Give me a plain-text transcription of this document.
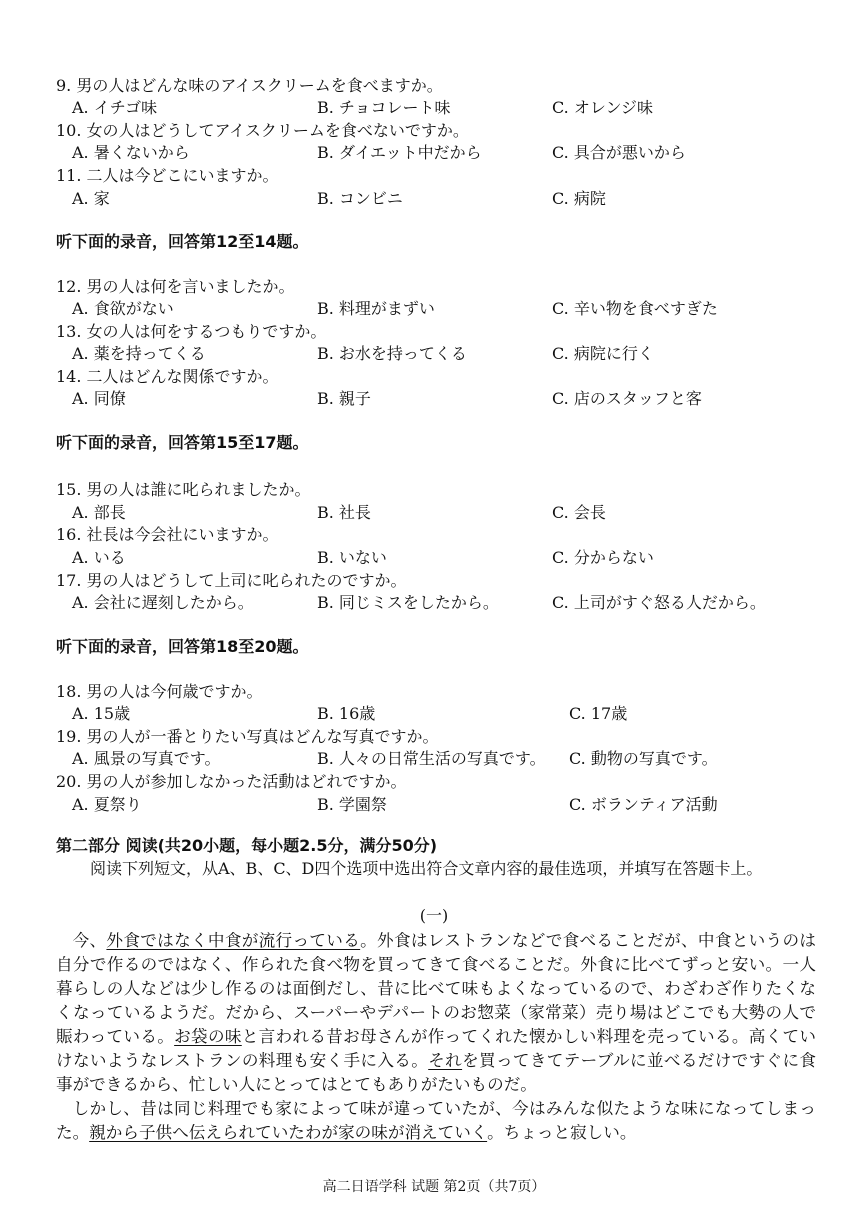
9. 男の人はどんな味のアイスクリームを食べますか。
A. イチゴ味	B. チョコレート味	C. オレンジ味
10. 女の人はどうしてアイスクリームを食べないですか。
A. 暑くないから	B. ダイエット中だから	C. 具合が悪いから
11. 二人は今どこにいますか。
A. 家	B. コンビニ	C. 病院
听下面的录音，回答第12至14题。
12. 男の人は何を言いましたか。
A. 食欲がない	B. 料理がまずい	C. 辛い物を食べすぎた
13. 女の人は何をするつもりですか。
A. 薬を持ってくる	B. お水を持ってくる	C. 病院に行く
14. 二人はどんな関係ですか。
A. 同僚	B. 親子	C. 店のスタッフと客
听下面的录音，回答第15至17题。
15. 男の人は誰に叱られましたか。
A. 部長	B. 社長	C. 会長
16. 社長は今会社にいますか。
A. いる	B. いない	C. 分からない
17. 男の人はどうして上司に叱られたのですか。
A. 会社に遅刻したから。	B. 同じミスをしたから。	C. 上司がすぐ怒る人だから。
听下面的录音，回答第18至20题。
18. 男の人は今何歳ですか。
A. 15歳	B. 16歳	C. 17歳
19. 男の人が一番とりたい写真はどんな写真ですか。
A. 風景の写真です。	B. 人々の日常生活の写真です。 C. 動物の写真です。
20. 男の人が参加しなかった活動はどれですか。
A. 夏祭り	B. 学園祭	C. ボランティア活動
第二部分 阅读(共20小题，每小题2.5分，满分50分)
阅读下列短文，从A、B、C、D四个选项中选出符合文章内容的最佳选项，并填写在答题卡上。
(一)

今、外食ではなく中食が流行っている。外食はレストランなどで食べることだが、中食というのは自分で作るのではなく、作られた食べ物を買ってきて食べることだ。外食に比べてずっと安い。一人暮らしの人などは少し作るのは面倒だし、昔に比べて味もよくなっているので、わざわざ作りたくなくなっているようだ。だから、スーパーやデパートのお惣菜（家常菜）売り場はどこでも大勢の人で賑わっている。お袋の味と言われる昔お母さんが作ってくれた懐かしい料理を売っている。高くていけないようなレストランの料理も安く手に入る。それを買ってきてテーブルに並べるだけですぐに食事ができるから、忙しい人にとってはとてもありがたいものだ。

しかし、昔は同じ料理でも家によって味が違っていたが、今はみんな似たような味になってしまった。親から子供へ伝えられていたわが家の味が消えていく。ちょっと寂しい。

高二日语学科 试题 第2页（共7页）
